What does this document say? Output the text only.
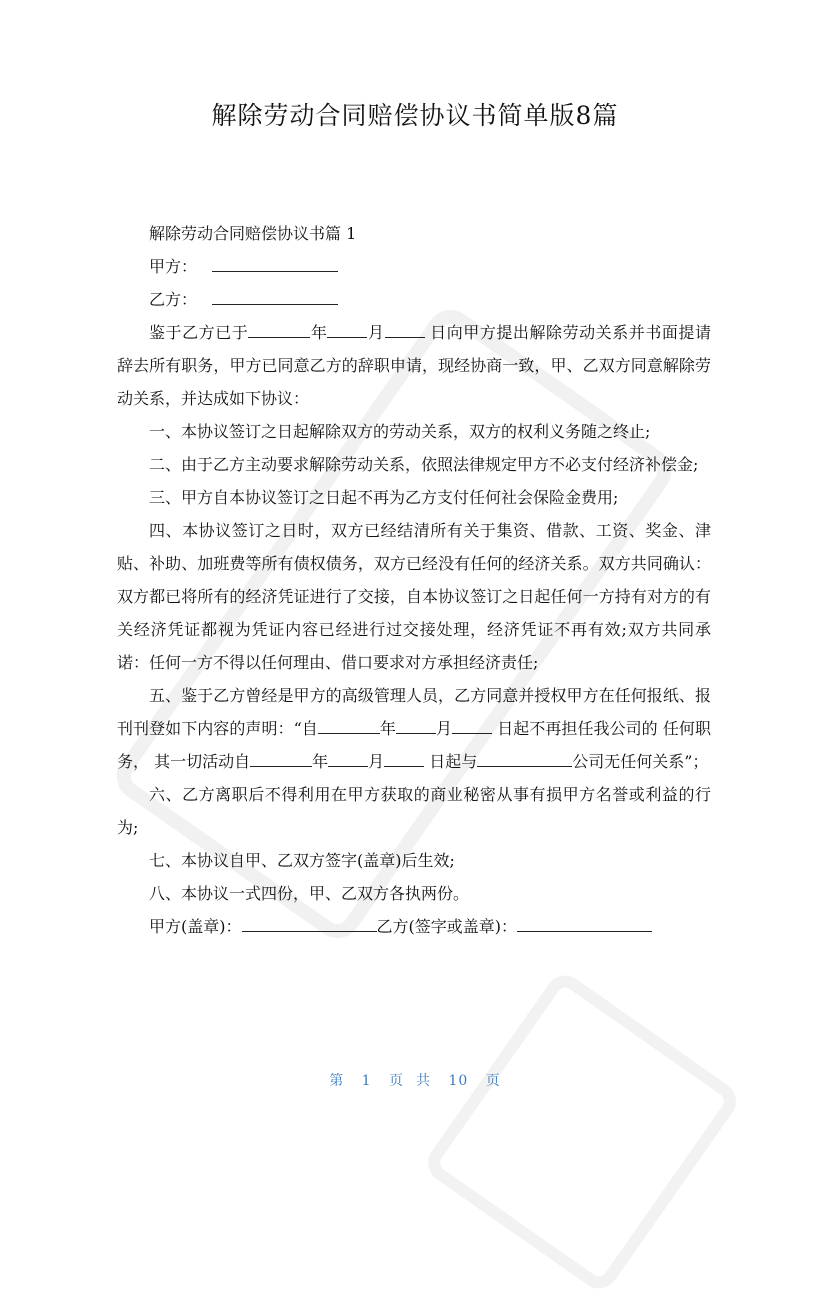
解除劳动合同赔偿协议书简单版8篇

解除劳动合同赔偿协议书篇 1

甲方：

乙方：

鉴于乙方已于	年	月	日向甲方提出解除劳动关系并书面提请辞去所有职务，甲方已同意乙方的辞职申请，现经协商一致，甲、乙双方同意解除劳动关系，并达成如下协议：

一、本协议签订之日起解除双方的劳动关系，双方的权利义务随之终止;

二、由于乙方主动要求解除劳动关系，依照法律规定甲方不必支付经济补偿金;

三、甲方自本协议签订之日起不再为乙方支付任何社会保险金费用;

四、本协议签订之日时，双方已经结清所有关于集资、借款、工资、奖金、津贴、补助、加班费等所有债权债务，双方已经没有任何的经济关系。双方共同确认：双方都已将所有的经济凭证进行了交接，自本协议签订之日起任何一方持有对方的有关经济凭证都视为凭证内容已经进行过交接处理，经济凭证不再有效;双方共同承诺：任何一方不得以任何理由、借口要求对方承担经济责任;

五、鉴于乙方曾经是甲方的高级管理人员，乙方同意并授权甲方在任何报纸、报刊刊登如下内容的声明：“自	年	月	日起不再担任我公司的 任何职务， 其一切活动自	年	月	日起与	公司无任何关系”；

六、乙方离职后不得利用在甲方获取的商业秘密从事有损甲方名誉或利益的行为;

七、本协议自甲、乙双方签字(盖章)后生效;

八、本协议一式四份，甲、乙双方各执两份。

甲方(盖章)：	乙方(签字或盖章)：

第 1 页 共 10 页
